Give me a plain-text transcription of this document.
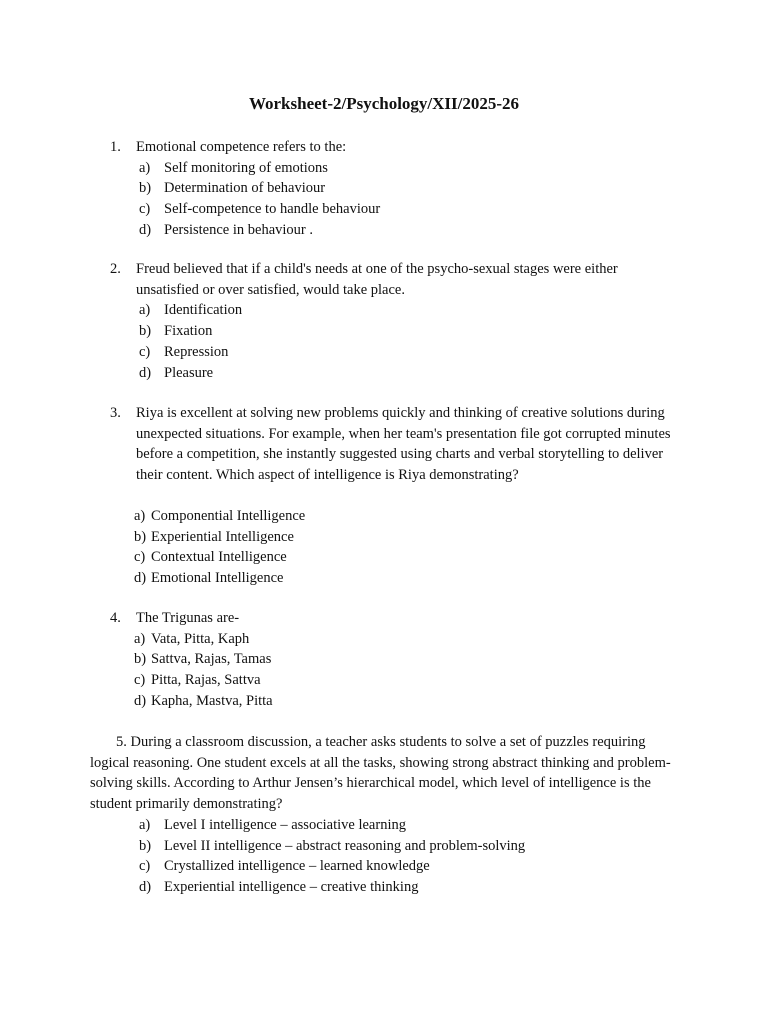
Worksheet-2/Psychology/XII/2025-26
1. Emotional competence refers to the:
a) Self monitoring of emotions
b) Determination of behaviour
c) Self-competence to handle behaviour
d) Persistence in behaviour .
2. Freud believed that if a child's needs at one of the psycho-sexual stages were either unsatisfied or over satisfied, would take place.
a) Identification
b) Fixation
c) Repression
d) Pleasure
3. Riya is excellent at solving new problems quickly and thinking of creative solutions during unexpected situations. For example, when her team's presentation file got corrupted minutes before a competition, she instantly suggested using charts and verbal storytelling to deliver their content. Which aspect of intelligence is Riya demonstrating?
a) Componential Intelligence
b) Experiential Intelligence
c) Contextual Intelligence
d) Emotional Intelligence
4. The Trigunas are-
a) Vata, Pitta, Kaph
b) Sattva, Rajas, Tamas
c) Pitta, Rajas, Sattva
d) Kapha, Mastva, Pitta
5. During a classroom discussion, a teacher asks students to solve a set of puzzles requiring logical reasoning. One student excels at all the tasks, showing strong abstract thinking and problem-solving skills. According to Arthur Jensen’s hierarchical model, which level of intelligence is the student primarily demonstrating?
a) Level I intelligence – associative learning
b) Level II intelligence – abstract reasoning and problem-solving
c) Crystallized intelligence – learned knowledge
d) Experiential intelligence – creative thinking
